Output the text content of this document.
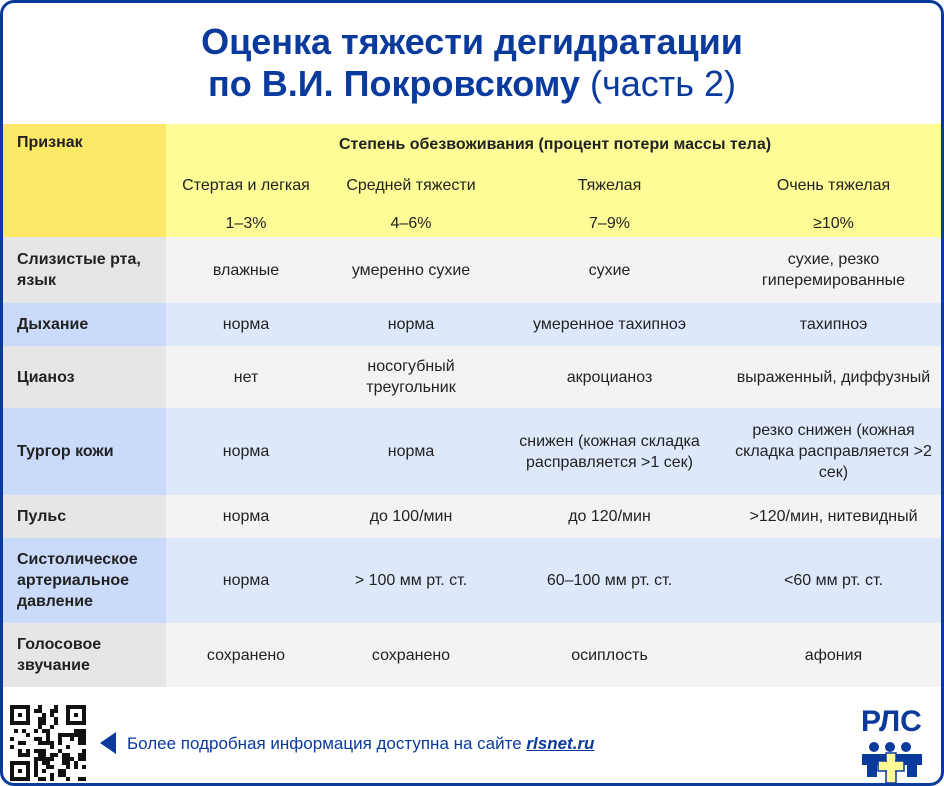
Оценка тяжести дегидратации
по В.И. Покровскому (часть 2)
Признак	Степень обезвоживания (процент потери массы тела)			
	Стертая и легкая	Средней тяжести	Тяжелая	Очень тяжелая
	1–3%	4–6%	7–9%	≥10%
Слизистые рта, язык	влажные	умеренно сухие	сухие	сухие, резко гиперемированные
Дыхание	норма	норма	умеренное тахипноэ	тахипноэ
Цианоз	нет	носогубный треугольник	акроцианоз	выраженный, диффузный
Тургор кожи	норма	норма	снижен (кожная складка расправляется >1 сек)	резко снижен (кожная складка расправляется >2 сек)
Пульс	норма	до 100/мин	до 120/мин	>120/мин, нитевидный
Систолическое артериальное давление	норма	> 100 мм рт. ст.	60–100 мм рт. ст.	<60 мм рт. ст.
Голосовое звучание	сохранено	сохранено	осиплость	афония
Более подробная информация доступна на сайте rlsnet.ru
РЛС
